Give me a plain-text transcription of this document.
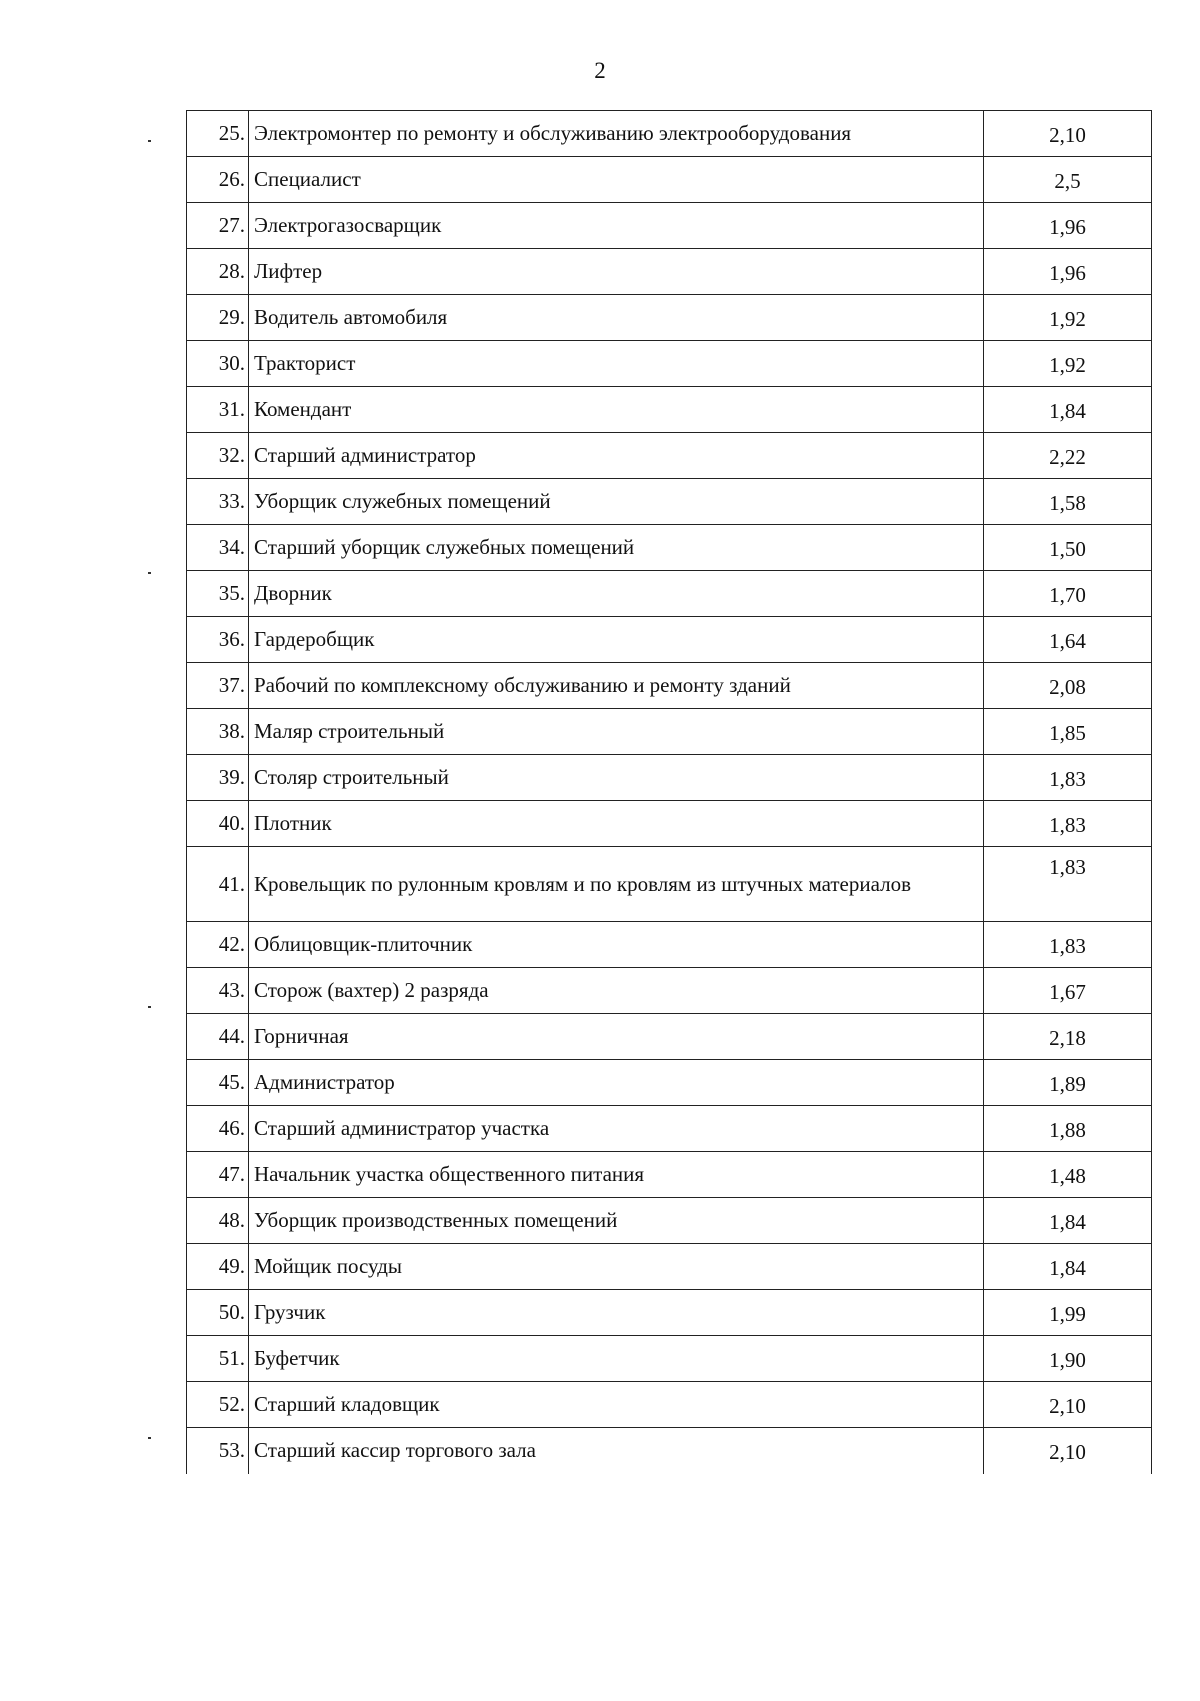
2
25.	Электромонтер по ремонту и обслуживанию электрооборудования	2,10
26.	Специалист	2,5
27.	Электрогазосварщик	1,96
28.	Лифтер	1,96
29.	Водитель автомобиля	1,92
30.	Тракторист	1,92
31.	Комендант	1,84
32.	Старший администратор	2,22
33.	Уборщик служебных помещений	1,58
34.	Старший уборщик служебных помещений	1,50
35.	Дворник	1,70
36.	Гардеробщик	1,64
37.	Рабочий по комплексному обслуживанию и ремонту зданий	2,08
38.	Маляр строительный	1,85
39.	Столяр строительный	1,83
40.	Плотник	1,83
41.	Кровельщик по рулонным кровлям и по кровлям из штучных материалов	1,83
42.	Облицовщик-плиточник	1,83
43.	Сторож (вахтер) 2 разряда	1,67
44.	Горничная	2,18
45.	Администратор	1,89
46.	Старший администратор участка	1,88
47.	Начальник участка общественного питания	1,48
48.	Уборщик производственных помещений	1,84
49.	Мойщик посуды	1,84
50.	Грузчик	1,99
51.	Буфетчик	1,90
52.	Старший кладовщик	2,10
53.	Старший кассир торгового зала	2,10
